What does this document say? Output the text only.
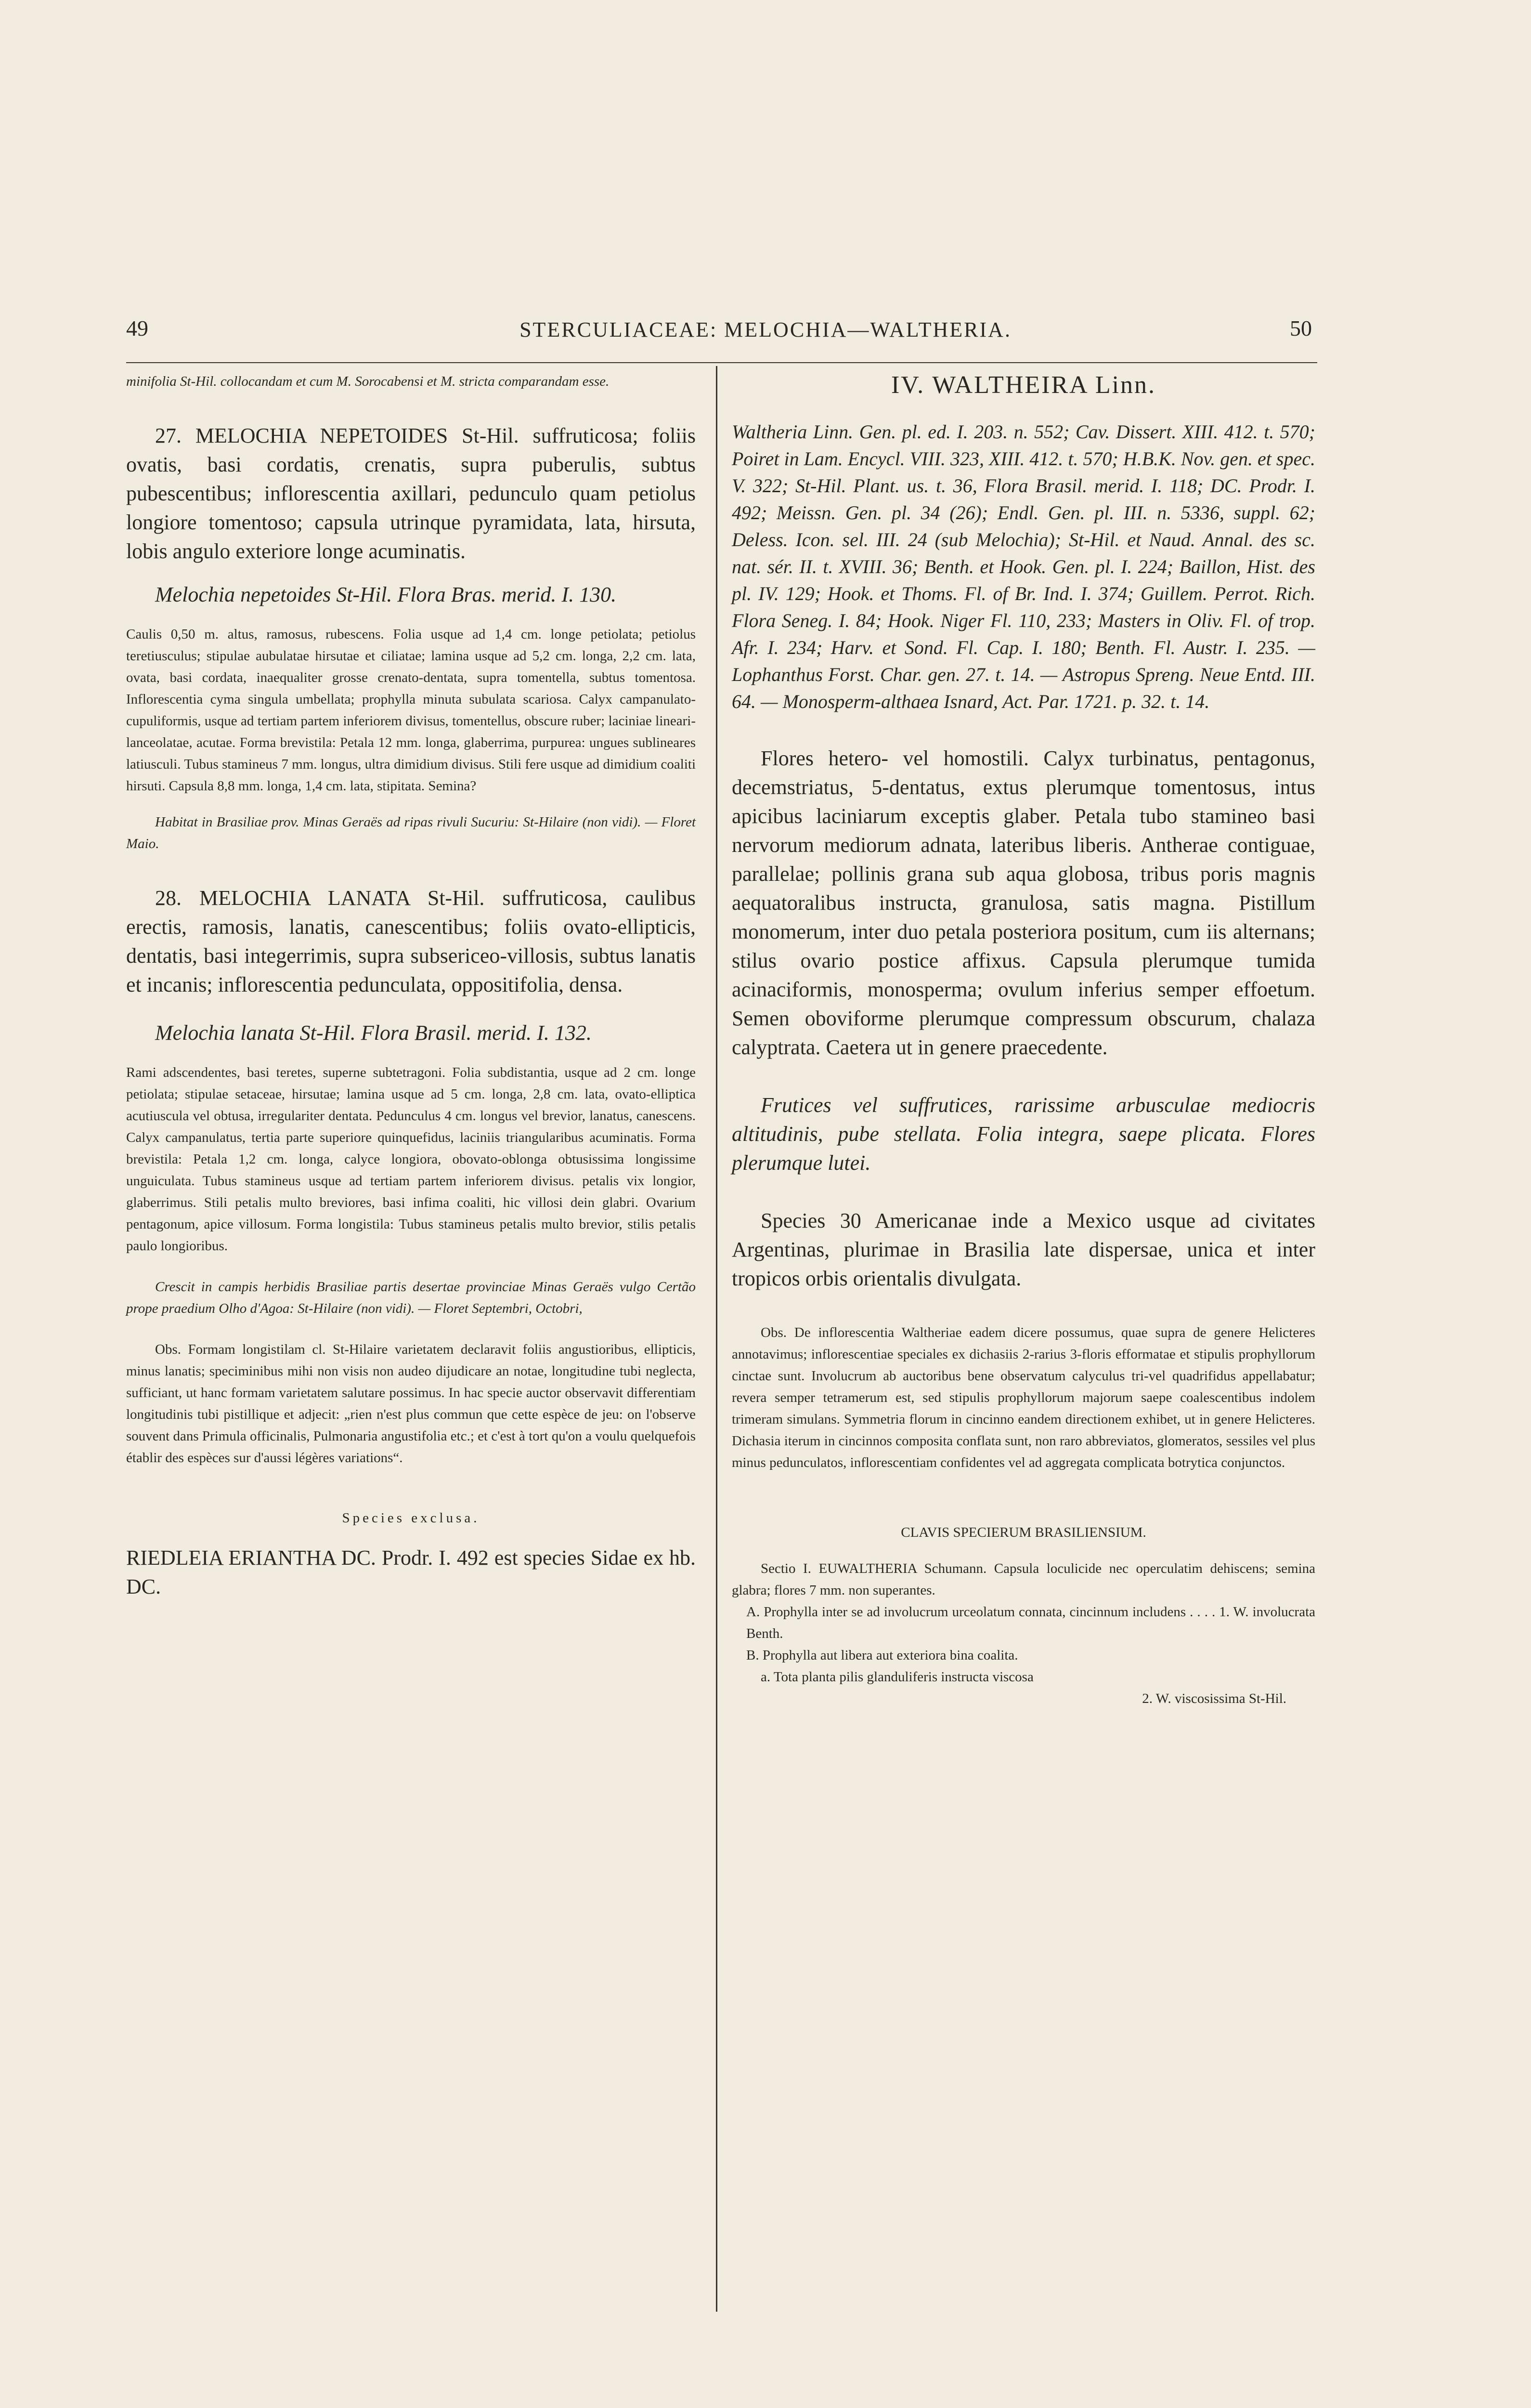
49	STERCULIACEAE: MELOCHIA—WALTHERIA.	50

minifolia St-Hil. collocandam et cum M. Sorocabensi et M. stricta comparandam esse.

27. MELOCHIA NEPETOIDES St-Hil. suffruticosa; foliis ovatis, basi cordatis, crenatis, supra puberulis, subtus pubescentibus; inflorescentia axillari, pedunculo quam petiolus longiore tomentoso; capsula utrinque pyramidata, lata, hirsuta, lobis angulo exteriore longe acuminatis.

Melochia nepetoides St-Hil. Flora Bras. merid. I. 130.

Caulis 0,50 m. altus, ramosus, rubescens. Folia usque ad 1,4 cm. longe petiolata; petiolus teretiusculus; stipulae aubulatae hirsutae et ciliatae; lamina usque ad 5,2 cm. longa, 2,2 cm. lata, ovata, basi cordata, inaequaliter grosse crenato-dentata, supra tomentella, subtus tomentosa. Inflorescentia cyma singula umbellata; prophylla minuta subulata scariosa. Calyx campanulato-cupuliformis, usque ad tertiam partem inferiorem divisus, tomentellus, obscure ruber; laciniae lineari-lanceolatae, acutae. Forma brevistila: Petala 12 mm. longa, glaberrima, purpurea: ungues sublineares latiusculi. Tubus stamineus 7 mm. longus, ultra dimidium divisus. Stili fere usque ad dimidium coaliti hirsuti. Capsula 8,8 mm. longa, 1,4 cm. lata, stipitata. Semina?

Habitat in Brasiliae prov. Minas Geraës ad ripas rivuli Sucuriu: St-Hilaire (non vidi). — Floret Maio.

28. MELOCHIA LANATA St-Hil. suffruticosa, caulibus erectis, ramosis, lanatis, canescentibus; foliis ovato-ellipticis, dentatis, basi integerrimis, supra subsericeo-villosis, subtus lanatis et incanis; inflorescentia pedunculata, oppositifolia, densa.

Melochia lanata St-Hil. Flora Brasil. merid. I. 132.

Rami adscendentes, basi teretes, superne subtetragoni. Folia subdistantia, usque ad 2 cm. longe petiolata; stipulae setaceae, hirsutae; lamina usque ad 5 cm. longa, 2,8 cm. lata, ovato-elliptica acutiuscula vel obtusa, irregulariter dentata. Pedunculus 4 cm. longus vel brevior, lanatus, canescens. Calyx campanulatus, tertia parte superiore quinquefidus, laciniis triangularibus acuminatis. Forma brevistila: Petala 1,2 cm. longa, calyce longiora, obovato-oblonga obtusissima longissime unguiculata. Tubus stamineus usque ad tertiam partem inferiorem divisus. petalis vix longior, glaberrimus. Stili petalis multo breviores, basi infima coaliti, hic villosi dein glabri. Ovarium pentagonum, apice villosum. Forma longistila: Tubus stamineus petalis multo brevior, stilis petalis paulo longioribus.

Crescit in campis herbidis Brasiliae partis desertae provinciae Minas Geraës vulgo Certão prope praedium Olho d'Agoa: St-Hilaire (non vidi). — Floret Septembri, Octobri,

Obs. Formam longistilam cl. St-Hilaire varietatem declaravit foliis angustioribus, ellipticis, minus lanatis; speciminibus mihi non visis non audeo dijudicare an notae, longitudine tubi neglecta, sufficiant, ut hanc formam varietatem salutare possimus. In hac specie auctor observavit differentiam longitudinis tubi pistillique et adjecit: „rien n'est plus commun que cette espèce de jeu: on l'observe souvent dans Primula officinalis, Pulmonaria angustifolia etc.; et c'est à tort qu'on a voulu quelquefois établir des espèces sur d'aussi légères variations“.

Species exclusa.

RIEDLEIA ERIANTHA DC. Prodr. I. 492 est species Sidae ex hb. DC.

IV. WALTHEIRA Linn.

Waltheria Linn. Gen. pl. ed. I. 203. n. 552; Cav. Dissert. XIII. 412. t. 570; Poiret in Lam. Encycl. VIII. 323, XIII. 412. t. 570; H.B.K. Nov. gen. et spec. V. 322; St-Hil. Plant. us. t. 36, Flora Brasil. merid. I. 118; DC. Prodr. I. 492; Meissn. Gen. pl. 34 (26); Endl. Gen. pl. III. n. 5336, suppl. 62; Deless. Icon. sel. III. 24 (sub Melochia); St-Hil. et Naud. Annal. des sc. nat. sér. II. t. XVIII. 36; Benth. et Hook. Gen. pl. I. 224; Baillon, Hist. des pl. IV. 129; Hook. et Thoms. Fl. of Br. Ind. I. 374; Guillem. Perrot. Rich. Flora Seneg. I. 84; Hook. Niger Fl. 110, 233; Masters in Oliv. Fl. of trop. Afr. I. 234; Harv. et Sond. Fl. Cap. I. 180; Benth. Fl. Austr. I. 235. — Lophanthus Forst. Char. gen. 27. t. 14. — Astropus Spreng. Neue Entd. III. 64. — Monosperm-althaea Isnard, Act. Par. 1721. p. 32. t. 14.

Flores hetero- vel homostili. Calyx turbinatus, pentagonus, decemstriatus, 5-dentatus, extus plerumque tomentosus, intus apicibus laciniarum exceptis glaber. Petala tubo stamineo basi nervorum mediorum adnata, lateribus liberis. Antherae contiguae, parallelae; pollinis grana sub aqua globosa, tribus poris magnis aequatoralibus instructa, granulosa, satis magna. Pistillum monomerum, inter duo petala posteriora positum, cum iis alternans; stilus ovario postice affixus. Capsula plerumque tumida acinaciformis, monosperma; ovulum inferius semper effoetum. Semen oboviforme plerumque compressum obscurum, chalaza calyptrata. Caetera ut in genere praecedente.

Frutices vel suffrutices, rarissime arbusculae mediocris altitudinis, pube stellata. Folia integra, saepe plicata. Flores plerumque lutei.

Species 30 Americanae inde a Mexico usque ad civitates Argentinas, plurimae in Brasilia late dispersae, unica et inter tropicos orbis orientalis divulgata.

Obs. De inflorescentia Waltheriae eadem dicere possumus, quae supra de genere Helicteres annotavimus; inflorescentiae speciales ex dichasiis 2-rarius 3-floris efformatae et stipulis prophyllorum cinctae sunt. Involucrum ab auctoribus bene observatum calyculus tri-vel quadrifidus appellabatur; revera semper tetramerum est, sed stipulis prophyllorum majorum saepe coalescentibus indolem trimeram simulans. Symmetria florum in cincinno eandem directionem exhibet, ut in genere Helicteres. Dichasia iterum in cincinnos composita conflata sunt, non raro abbreviatos, glomeratos, sessiles vel plus minus pedunculatos, inflorescentiam confidentes vel ad aggregata complicata botrytica conjunctos.

CLAVIS SPECIERUM BRASILIENSIUM.

Sectio I. EUWALTHERIA Schumann. Capsula loculicide nec operculatim dehiscens; semina glabra; flores 7 mm. non superantes.

A. Prophylla inter se ad involucrum urceolatum connata, cincinnum includens . . . . 1. W. involucrata Benth.

B. Prophylla aut libera aut exteriora bina coalita.

a. Tota planta pilis glanduliferis instructa viscosa

2. W. viscosissima St-Hil.
